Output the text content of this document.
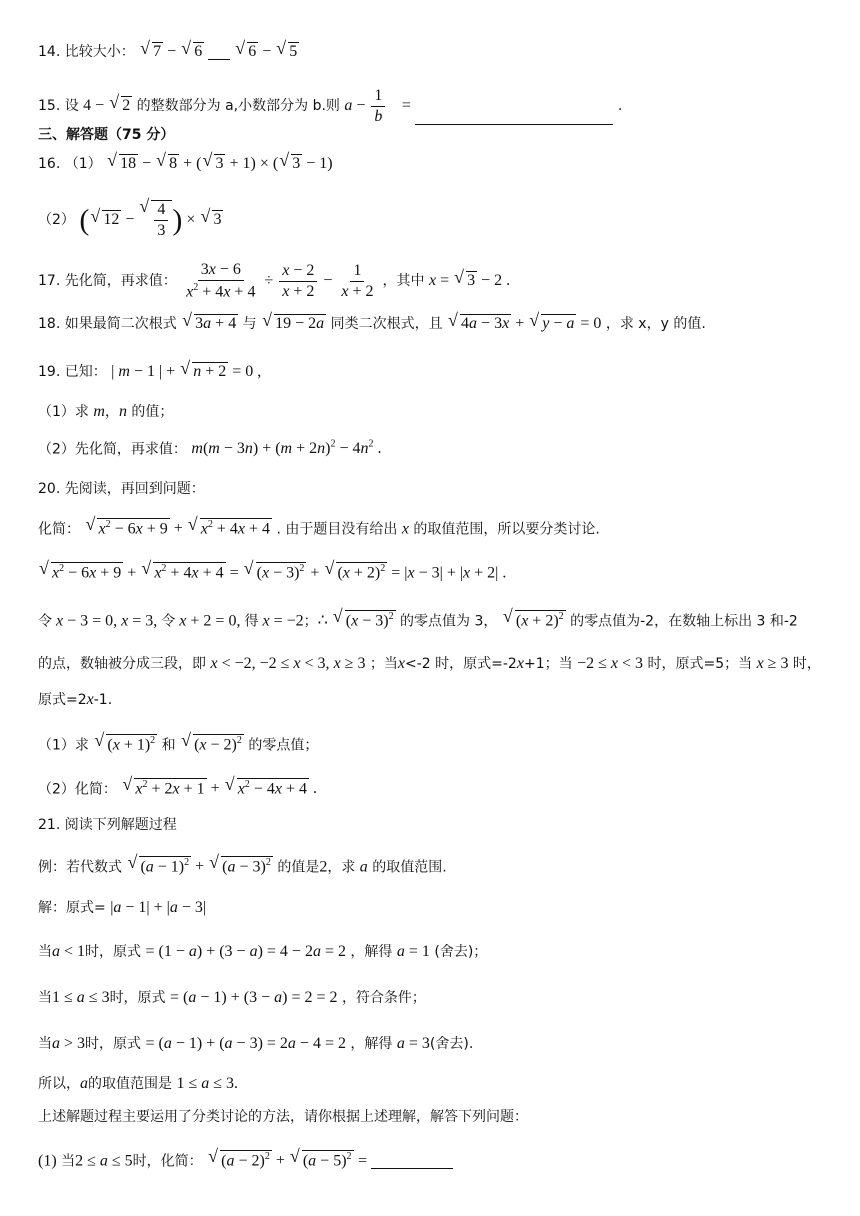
14. 比较大小： √ 7 − √ 6	√ 6 − √ 5
15. 设 4 − √ 2 的整数部分为 a,小数部分为 b.则 $a - \frac{1}{b}$ =	.
三、解答题（75 分）
16. （1） √ 18 − √ 8 + ( √ 3 + 1) × ( √ 3 − 1)
（2） ( √ 12 − √ $\frac{4}{3}$ ) × √ 3
17. 先化简，再求值： $\frac{3x - 6}{x^2 + 4x + 4} \div \frac{x - 2}{x + 2} - \frac{1}{x + 2}$ ，其中 x = √ 3 − 2 .
18. 如果最简二次根式 √ 3a + 4 与 √ 19 − 2a 同类二次根式，且 √ 4a − 3x + √ y − a = 0 ，求 x，y 的值.
19. 已知： | m − 1 | + √ n + 2 = 0 ,
（1）求 m，n 的值；
（2）先化简，再求值： $m(m - 3n) + (m + 2n)^2 - 4n^2$ .
20. 先阅读，再回到问题：
化简： √ $x^2 - 6x + 9$ + √ $x^2 + 4x + 4$ . 由于题目没有给出 x 的取值范围，所以要分类讨论.
√ $x^2 - 6x + 9$ + √ $x^2 + 4x + 4$ = √ $(x - 3)^2$ + √ $(x + 2)^2 = |x - 3| + |x + 2|$ .
令 x − 3 = 0, x = 3, 令 x + 2 = 0, 得 x = −2；∴ √ $(x - 3)^2$ 的零点值为 3， √ $(x + 2)^2$ 的零点值为-2，在数轴上标出 3 和-2
的点，数轴被分成三段，即 x < −2, −2 ≤ x < 3, x ≥ 3 ；当x<-2 时，原式=-2x+1；当 −2 ≤ x < 3 时，原式=5；当 x ≥ 3 时，
原式=2x-1.
（1）求 √ $(x + 1)^2$ 和 √ $(x - 2)^2$ 的零点值；
（2）化简： √ $x^2 + 2x + 1$ + √ $x^2 - 4x + 4$ .
21. 阅读下列解题过程
例：若代数式 √ $(a - 1)^2$ + √ $(a - 3)^2$ 的值是2，求 a 的取值范围.
解：原式= |a − 1| + |a − 3|
当a < 1时，原式 = (1 − a) + (3 − a) = 4 − 2a = 2 ，解得 a = 1 (舍去)；
当1 ≤ a ≤ 3时，原式 = (a − 1) + (3 − a) = 2 = 2 ，符合条件；
当a > 3时，原式 = (a − 1) + (a − 3) = 2a − 4 = 2 ，解得 a = 3(舍去).
所以，a的取值范围是 1 ≤ a ≤ 3.
上述解题过程主要运用了分类讨论的方法，请你根据上述理解，解答下列问题：
(1) 当2 ≤ a ≤ 5时，化简： √ $(a - 2)^2$ + √ $(a - 5)^2$ =
